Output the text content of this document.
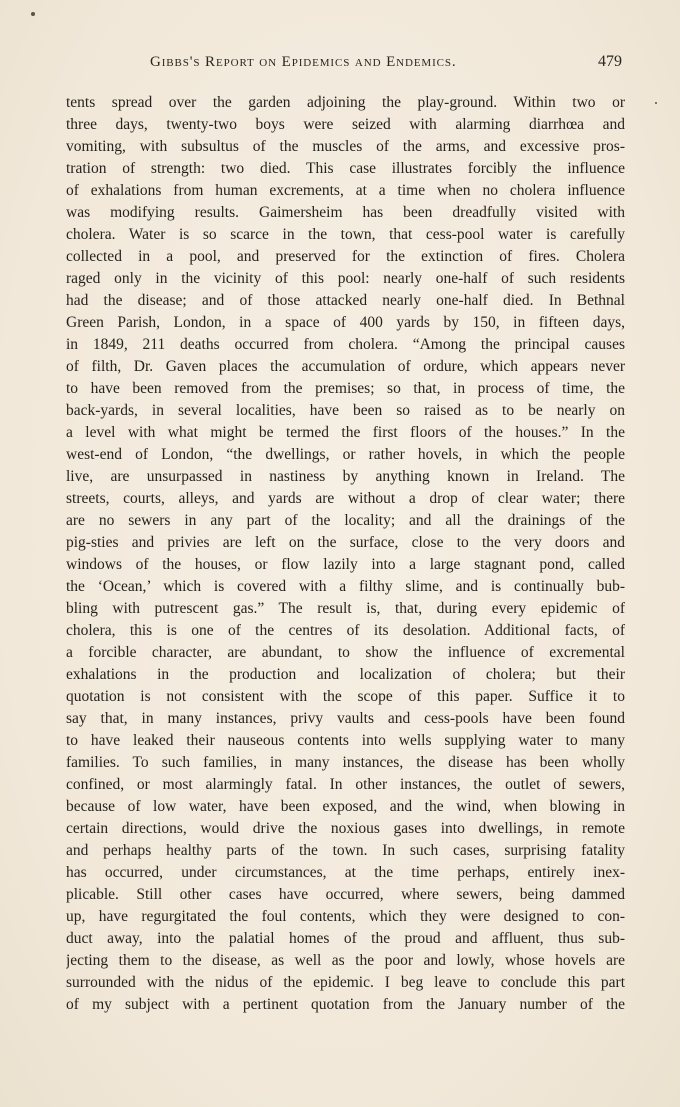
Gibbs's Report on Epidemics and Endemics.	479
tents spread over the garden adjoining the play-ground. Within two or
three days, twenty-two boys were seized with alarming diarrhœa and
vomiting, with subsultus of the muscles of the arms, and excessive pros-
tration of strength: two died. This case illustrates forcibly the influence
of exhalations from human excrements, at a time when no cholera influence
was modifying results. Gaimersheim has been dreadfully visited with
cholera. Water is so scarce in the town, that cess-pool water is carefully
collected in a pool, and preserved for the extinction of fires. Cholera
raged only in the vicinity of this pool: nearly one-half of such residents
had the disease; and of those attacked nearly one-half died. In Bethnal
Green Parish, London, in a space of 400 yards by 150, in fifteen days,
in 1849, 211 deaths occurred from cholera. “Among the principal causes
of filth, Dr. Gaven places the accumulation of ordure, which appears never
to have been removed from the premises; so that, in process of time, the
back-yards, in several localities, have been so raised as to be nearly on
a level with what might be termed the first floors of the houses.” In the
west-end of London, “the dwellings, or rather hovels, in which the people
live, are unsurpassed in nastiness by anything known in Ireland. The
streets, courts, alleys, and yards are without a drop of clear water; there
are no sewers in any part of the locality; and all the drainings of the
pig-sties and privies are left on the surface, close to the very doors and
windows of the houses, or flow lazily into a large stagnant pond, called
the ‘Ocean,’ which is covered with a filthy slime, and is continually bub-
bling with putrescent gas.” The result is, that, during every epidemic of
cholera, this is one of the centres of its desolation. Additional facts, of
a forcible character, are abundant, to show the influence of excremental
exhalations in the production and localization of cholera; but their
quotation is not consistent with the scope of this paper. Suffice it to
say that, in many instances, privy vaults and cess-pools have been found
to have leaked their nauseous contents into wells supplying water to many
families. To such families, in many instances, the disease has been wholly
confined, or most alarmingly fatal. In other instances, the outlet of sewers,
because of low water, have been exposed, and the wind, when blowing in
certain directions, would drive the noxious gases into dwellings, in remote
and perhaps healthy parts of the town. In such cases, surprising fatality
has occurred, under circumstances, at the time perhaps, entirely inex-
plicable. Still other cases have occurred, where sewers, being dammed
up, have regurgitated the foul contents, which they were designed to con-
duct away, into the palatial homes of the proud and affluent, thus sub-
jecting them to the disease, as well as the poor and lowly, whose hovels are
surrounded with the nidus of the epidemic. I beg leave to conclude this part
of my subject with a pertinent quotation from the January number of the
